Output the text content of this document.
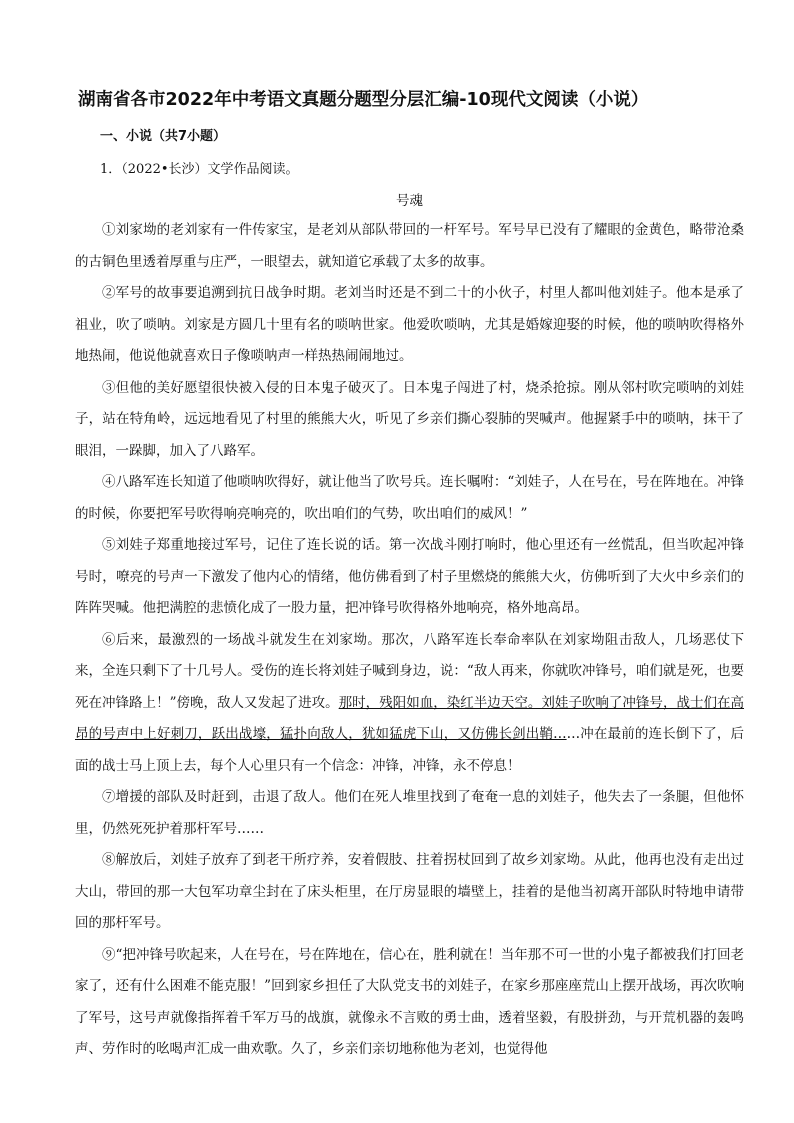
湖南省各市2022年中考语文真题分题型分层汇编-10现代文阅读（小说）
一、小说（共7小题）
1．（2022•长沙）文学作品阅读。
号魂

①刘家坳的老刘家有一件传家宝，是老刘从部队带回的一杆军号。军号早已没有了耀眼的金黄色，略带沧桑的古铜色里透着厚重与庄严，一眼望去，就知道它承载了太多的故事。

②军号的故事要追溯到抗日战争时期。老刘当时还是不到二十的小伙子，村里人都叫他刘娃子。他本是承了祖业，吹了唢呐。刘家是方圆几十里有名的唢呐世家。他爱吹唢呐，尤其是婚嫁迎娶的时候，他的唢呐吹得格外地热闹，他说他就喜欢日子像唢呐声一样热热闹闹地过。

③但他的美好愿望很快被入侵的日本鬼子破灭了。日本鬼子闯进了村，烧杀抢掠。刚从邻村吹完唢呐的刘娃子，站在特角岭，远远地看见了村里的熊熊大火，听见了乡亲们撕心裂肺的哭喊声。他握紧手中的唢呐，抹干了眼泪，一跺脚，加入了八路军。

④八路军连长知道了他唢呐吹得好，就让他当了吹号兵。连长嘱咐：“刘娃子，人在号在，号在阵地在。冲锋的时候，你要把军号吹得响亮响亮的，吹出咱们的气势，吹出咱们的威风！”

⑤刘娃子郑重地接过军号，记住了连长说的话。第一次战斗刚打响时，他心里还有一丝慌乱，但当吹起冲锋号时，嘹亮的号声一下激发了他内心的情绪，他仿佛看到了村子里燃烧的熊熊大火，仿佛听到了大火中乡亲们的阵阵哭喊。他把满腔的悲愤化成了一股力量，把冲锋号吹得格外地响亮，格外地高昂。

⑥后来，最激烈的一场战斗就发生在刘家坳。那次，八路军连长奉命率队在刘家坳阻击敌人，几场恶仗下来，全连只剩下了十几号人。受伤的连长将刘娃子喊到身边，说：“敌人再来，你就吹冲锋号，咱们就是死，也要死在冲锋路上！”傍晚，敌人又发起了进攻。那时，残阳如血，染红半边天空。刘娃子吹响了冲锋号，战士们在高昂的号声中上好刺刀，跃出战壕，猛扑向敌人，犹如猛虎下山，又仿佛长剑出鞘……冲在最前的连长倒下了，后面的战士马上顶上去，每个人心里只有一个信念：冲锋，冲锋，永不停息！

⑦增援的部队及时赶到，击退了敌人。他们在死人堆里找到了奄奄一息的刘娃子，他失去了一条腿，但他怀里，仍然死死护着那杆军号……

⑧解放后，刘娃子放弃了到老干所疗养，安着假肢、拄着拐杖回到了故乡刘家坳。从此，他再也没有走出过大山，带回的那一大包军功章尘封在了床头柜里，在厅房显眼的墙壁上，挂着的是他当初离开部队时特地申请带回的那杆军号。

⑨“把冲锋号吹起来，人在号在，号在阵地在，信心在，胜利就在！当年那不可一世的小鬼子都被我们打回老家了，还有什么困难不能克服！”回到家乡担任了大队党支书的刘娃子，在家乡那座座荒山上摆开战场，再次吹响了军号，这号声就像指挥着千军万马的战旗，就像永不言败的勇士曲，透着坚毅，有股拼劲，与开荒机器的轰鸣声、劳作时的吆喝声汇成一曲欢歌。久了，乡亲们亲切地称他为老刘，也觉得他
